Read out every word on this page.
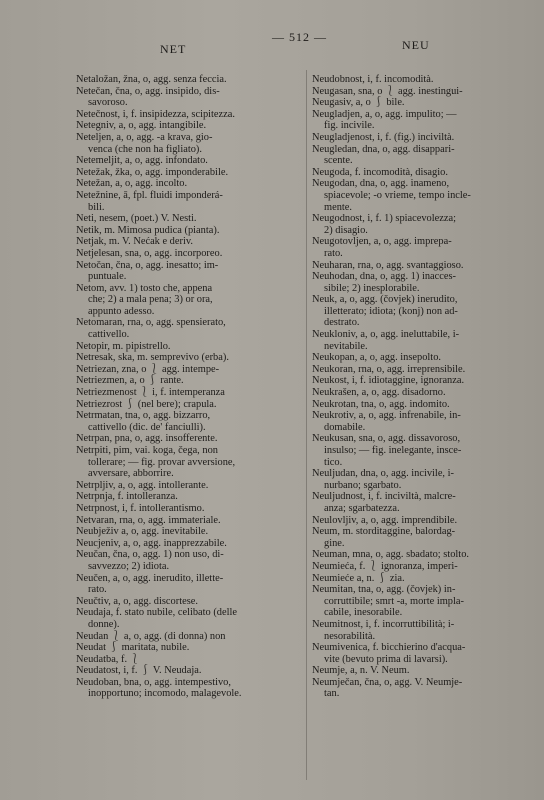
NET
— 512 —
NEU
Netaložan, žna, o, agg. senza feccia.
Netečan, čna, o, agg. insipido, dis-
savoroso.
Netečnost, i, f. insipidezza, scipitezza.
Netegniv, a, o, agg. intangibile.
Neteljen, a, o, agg. -a krava, gio-
venca (che non ha figliato).
Netemeljit, a, o, agg. infondato.
Netežak, žka, o, agg. imponderabile.
Netežan, a, o, agg. incolto.
Netežnine, ā, fpl. fluidi imponderá-
bili.
Neti, nesem, (poet.) V. Nesti.
Netik, m. Mimosa pudica (pianta).
Netjak, m. V. Nećak e deriv.
Netjelesan, sna, o, agg. incorporeo.
Netočan, čna, o, agg. inesatto; im-
puntuale.
Netom, avv. 1) tosto che, appena
che; 2) a mala pena; 3) or ora,
appunto adesso.
Netomaran, rna, o, agg. spensierato,
cattivello.
Netopir, m. pipistrello.
Netresak, ska, m. semprevivo (erba).
Netriezan, zna, o ⎱ agg. intempe-
Netriezmen, a, o ⎰ rante.
Netriezmenost ⎱ i, f. intemperanza
Netriezrost ⎰ (nel bere); crapula.
Netrmatan, tna, o, agg. bizzarro,
cattivello (dic. de' fanciulli).
Netrpan, pna, o, agg. insofferente.
Netrpiti, pim, vai. koga, čega, non
tollerare; — fig. provar avversione,
avversare, abborrire.
Netrpljiv, a, o, agg. intollerante.
Netrpnja, f. intolleranza.
Netrpnost, i, f. intollerantismo.
Netvaran, rna, o, agg. immateriale.
Neubježiv a, o, agg. inevitabile.
Neucjeniv, a, o, agg. inapprezzabile.
Neučan, čna, o, agg. 1) non uso, di-
savvezzo; 2) idiota.
Neučen, a, o, agg. inerudito, illette-
rato.
Neučtiv, a, o, agg. discortese.
Neudaja, f. stato nubile, celibato (delle
donne).
Neudan ⎱ a, o, agg. (di donna) non
Neudat ⎰ maritata, nubile.
Neudatba, f. ⎱
Neudatost, i, f. ⎰ V. Neudaja.
Neudoban, bna, o, agg. intempestivo,
inopportuno; incomodo, malagevole.
Neudobnost, i, f. incomodità.
Neugasan, sna, o ⎱ agg. inestingui-
Neugasiv, a, o ⎰ bile.
Neugladjen, a, o, agg. impulito; —
fig. incivile.
Neugladjenost, i, f. (fig.) inciviltà.
Neugledan, dna, o, agg. disappari-
scente.
Neugoda, f. incomodità, disagio.
Neugodan, dna, o, agg. inameno,
spiacevole; -o vrieme, tempo incle-
mente.
Neugodnost, i, f. 1) spiacevolezza;
2) disagio.
Neugotovljen, a, o, agg. imprepa-
rato.
Neuharan, rna, o, agg. svantaggioso.
Neuhodan, dna, o, agg. 1) inacces-
sibile; 2) inesplorabile.
Neuk, a, o, agg. (čovjek) inerudito,
illetterato; idiota; (konj) non ad-
destrato.
Neukloniv, a, o, agg. ineluttabile, i-
nevitabile.
Neukopan, a, o, agg. insepolto.
Neukoran, rna, o, agg. irreprensibile.
Neukost, i, f. idiotaggine, ignoranza.
Neukrašen, a, o, agg. disadorno.
Neukrotan, tna, o, agg. indomito.
Neukrotiv, a, o, agg. infrenabile, in-
domabile.
Neukusan, sna, o, agg. dissavoroso,
insulso; — fig. inelegante, insce-
tico.
Neuljudan, dna, o, agg. incivile, i-
nurbano; sgarbato.
Neuljudnost, i, f. inciviltà, malcre-
anza; sgarbatezza.
Neulovljiv, a, o, agg. imprendibile.
Neum, m. storditaggine, balordag-
gine.
Neuman, mna, o, agg. sbadato; stolto.
Neumieća, f. ⎱ ignoranza, imperi-
Neumiećе a, n. ⎰ zia.
Neumitan, tna, o, agg. (čovjek) in-
corruttibile; smrt -a, morte impla-
cabile, inesorabile.
Neumitnost, i, f. incorruttibilità; i-
nesorabilità.
Neumivenica, f. bicchierino d'acqua-
vite (bevuto prima di lavarsi).
Neumje, a, n. V. Neum.
Neumječan, čna, o, agg. V. Neumje-
tan.
